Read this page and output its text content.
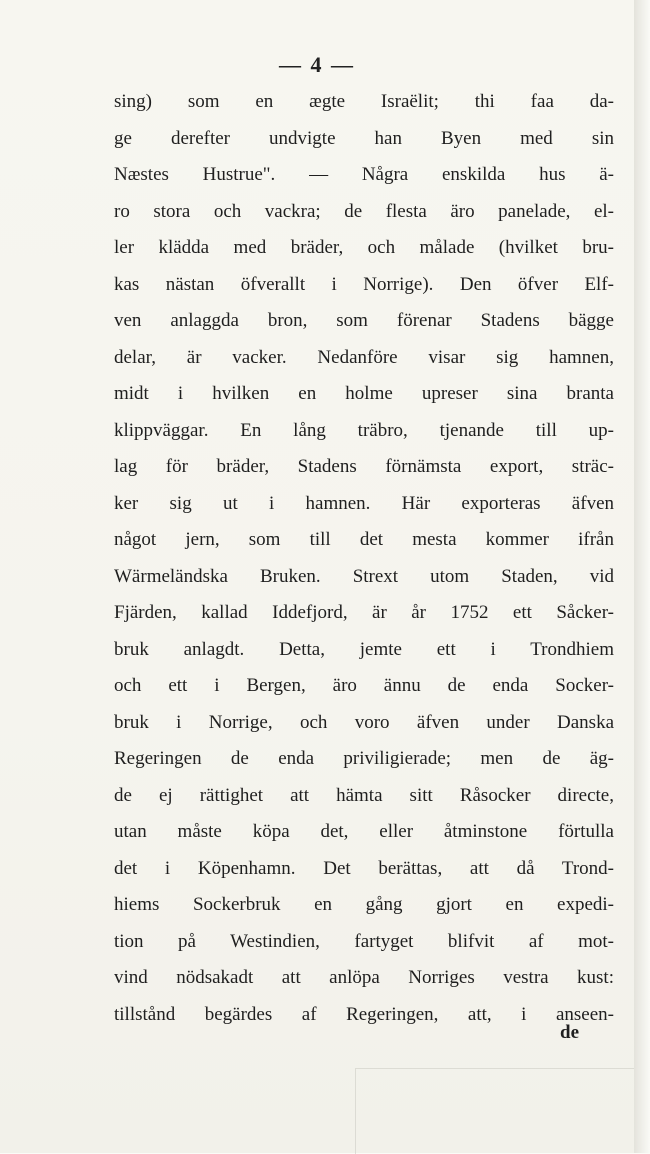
— 4 —
sing) som en ægte Israëlit; thi faa da-
ge derefter undvigte han Byen med sin
Næstes Hustrue". — Några enskilda hus ä-
ro stora och vackra; de flesta äro panelade, el-
ler klädda med bräder, och målade (hvilket bru-
kas nästan öfverallt i Norrige). Den öfver Elf-
ven anlaggda bron, som förenar Stadens bägge
delar, är vacker. Nedanföre visar sig hamnen,
midt i hvilken en holme upreser sina branta
klippväggar. En lång träbro, tjenande till up-
lag för bräder, Stadens förnämsta export, sträc-
ker sig ut i hamnen. Här exporteras äfven
något jern, som till det mesta kommer ifrån
Wärmeländska Bruken. Strext utom Staden, vid
Fjärden, kallad Iddefjord, är år 1752 ett Såcker-
bruk anlagdt. Detta, jemte ett i Trondhiem
och ett i Bergen, äro ännu de enda Socker-
bruk i Norrige, och voro äfven under Danska
Regeringen de enda priviligierade; men de äg-
de ej rättighet att hämta sitt Råsocker directe,
utan måste köpa det, eller åtminstone förtulla
det i Köpenhamn. Det berättas, att då Trond-
hiems Sockerbruk en gång gjort en expedi-
tion på Westindien, fartyget blifvit af mot-
vind nödsakadt att anlöpa Norriges vestra kust:
tillstånd begärdes af Regeringen, att, i anseen-
de
